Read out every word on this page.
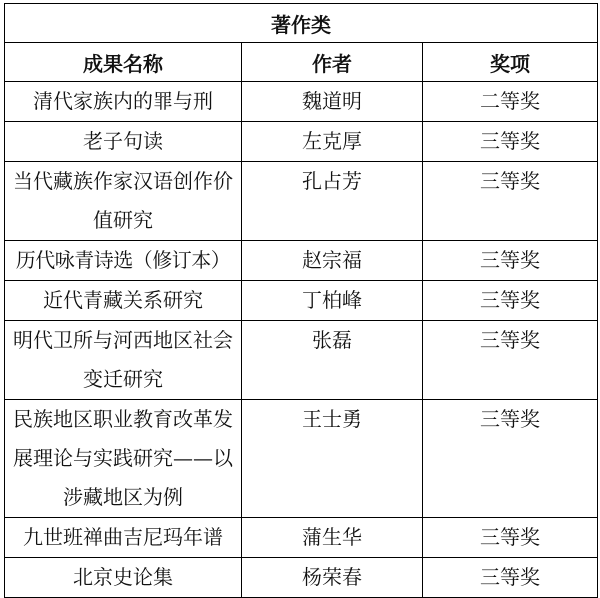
著作类		
成果名称	作者	奖项

清代家族内的罪与刑	魏道明	二等奖

老子句读	左克厚	三等奖

当代藏族作家汉语创作价值研究	孔占芳	三等奖

历代咏青诗选（修订本）	赵宗福	三等奖

近代青藏关系研究	丁柏峰	三等奖

明代卫所与河西地区社会变迁研究	张磊	三等奖

民族地区职业教育改革发展理论与实践研究——以涉藏地区为例	王士勇	三等奖

九世班禅曲吉尼玛年谱	蒲生华	三等奖

北京史论集	杨荣春	三等奖
